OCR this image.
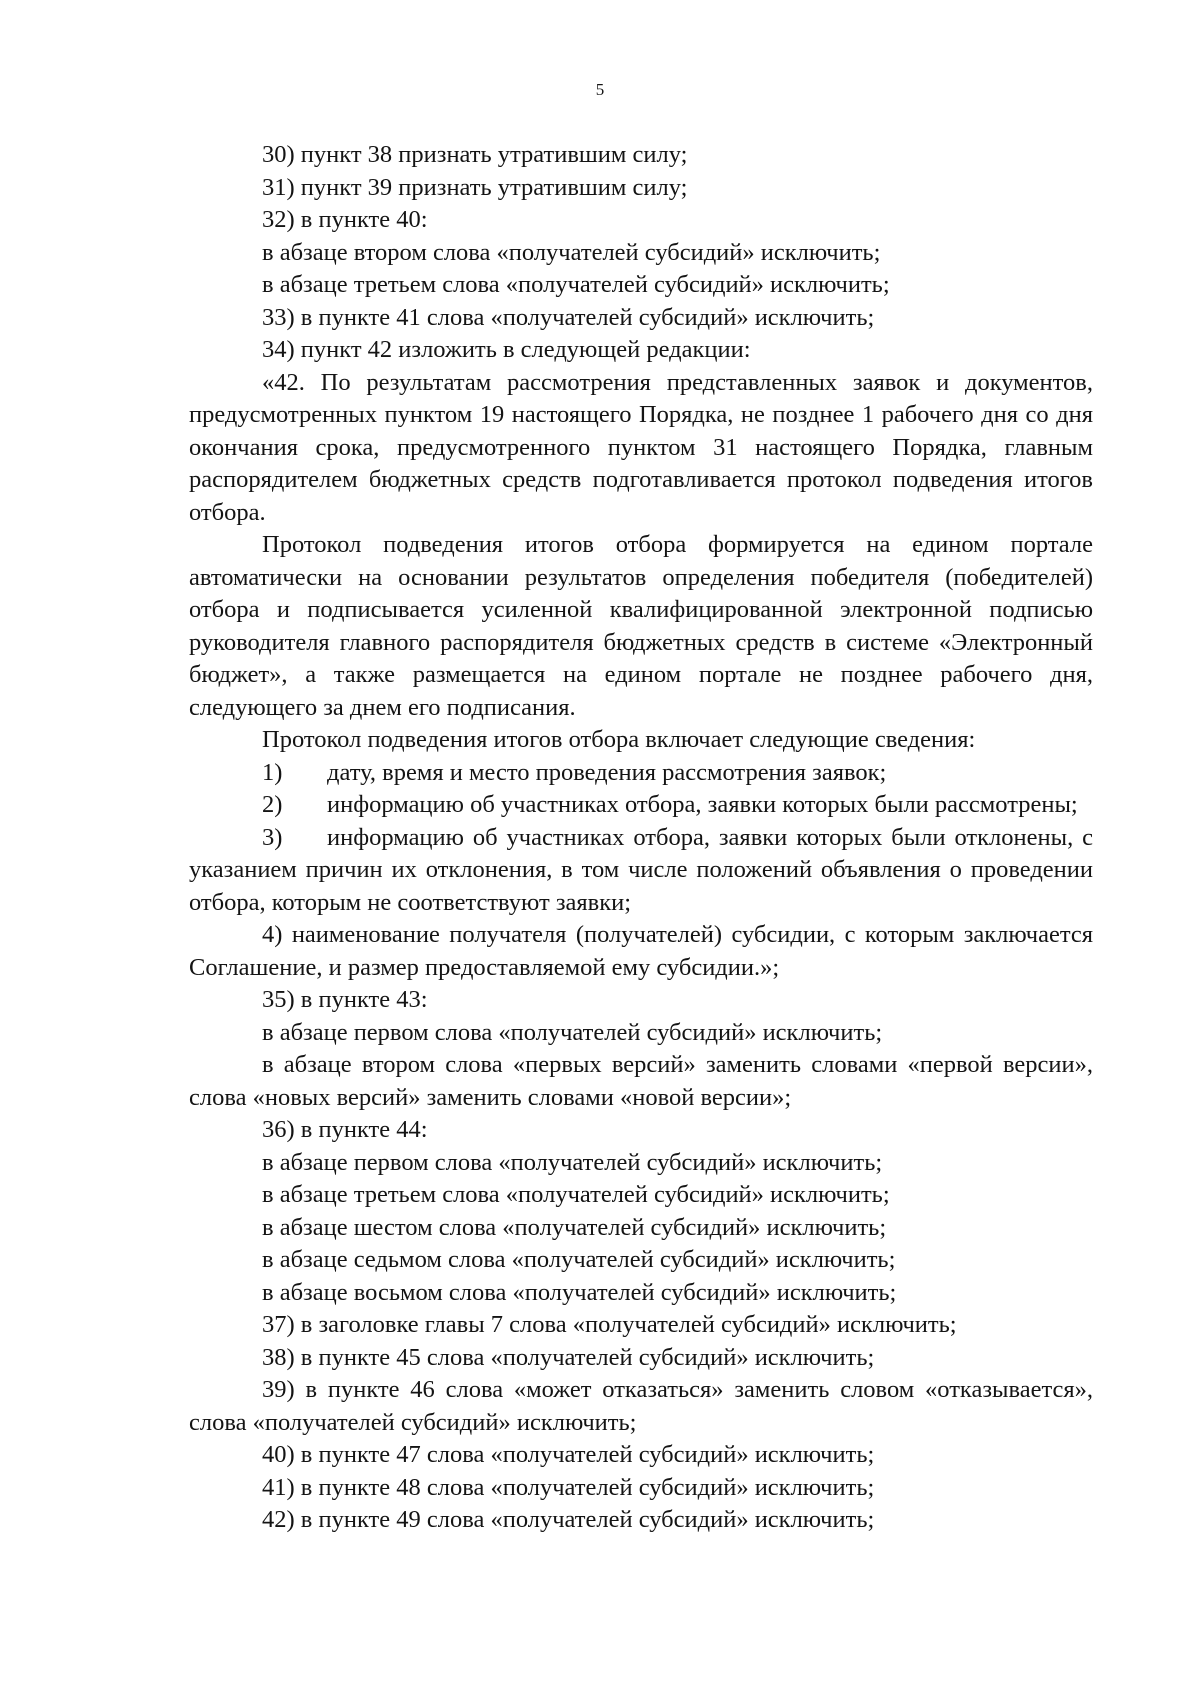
5

30) пункт 38 признать утратившим силу;

31) пункт 39 признать утратившим силу;

32) в пункте 40:

в абзаце втором слова «получателей субсидий» исключить;

в абзаце третьем слова «получателей субсидий» исключить;

33) в пункте 41 слова «получателей субсидий» исключить;

34) пункт 42 изложить в следующей редакции:

«42. По результатам рассмотрения представленных заявок и документов, предусмотренных пунктом 19 настоящего Порядка, не позднее 1 рабочего дня со дня окончания срока, предусмотренного пунктом 31 настоящего Порядка, главным распорядителем бюджетных средств подготавливается протокол подведения итогов отбора.

Протокол подведения итогов отбора формируется на едином портале автоматически на основании результатов определения победителя (победителей) отбора и подписывается усиленной квалифицированной электронной подписью руководителя главного распорядителя бюджетных средств в системе «Электронный бюджет», а также размещается на едином портале не позднее рабочего дня, следующего за днем его подписания.

Протокол подведения итогов отбора включает следующие сведения:

1) дату, время и место проведения рассмотрения заявок;

2) информацию об участниках отбора, заявки которых были рассмотрены;

3) информацию об участниках отбора, заявки которых были отклонены, с указанием причин их отклонения, в том числе положений объявления о проведении отбора, которым не соответствуют заявки;

4) наименование получателя (получателей) субсидии, с которым заключается Соглашение, и размер предоставляемой ему субсидии.»;

35) в пункте 43:

в абзаце первом слова «получателей субсидий» исключить;

в абзаце втором слова «первых версий» заменить словами «первой версии», слова «новых версий» заменить словами «новой версии»;

36) в пункте 44:

в абзаце первом слова «получателей субсидий» исключить;

в абзаце третьем слова «получателей субсидий» исключить;

в абзаце шестом слова «получателей субсидий» исключить;

в абзаце седьмом слова «получателей субсидий» исключить;

в абзаце восьмом слова «получателей субсидий» исключить;

37) в заголовке главы 7 слова «получателей субсидий» исключить;

38) в пункте 45 слова «получателей субсидий» исключить;

39) в пункте 46 слова «может отказаться» заменить словом «отказывается», слова «получателей субсидий» исключить;

40) в пункте 47 слова «получателей субсидий» исключить;

41) в пункте 48 слова «получателей субсидий» исключить;

42) в пункте 49 слова «получателей субсидий» исключить;
